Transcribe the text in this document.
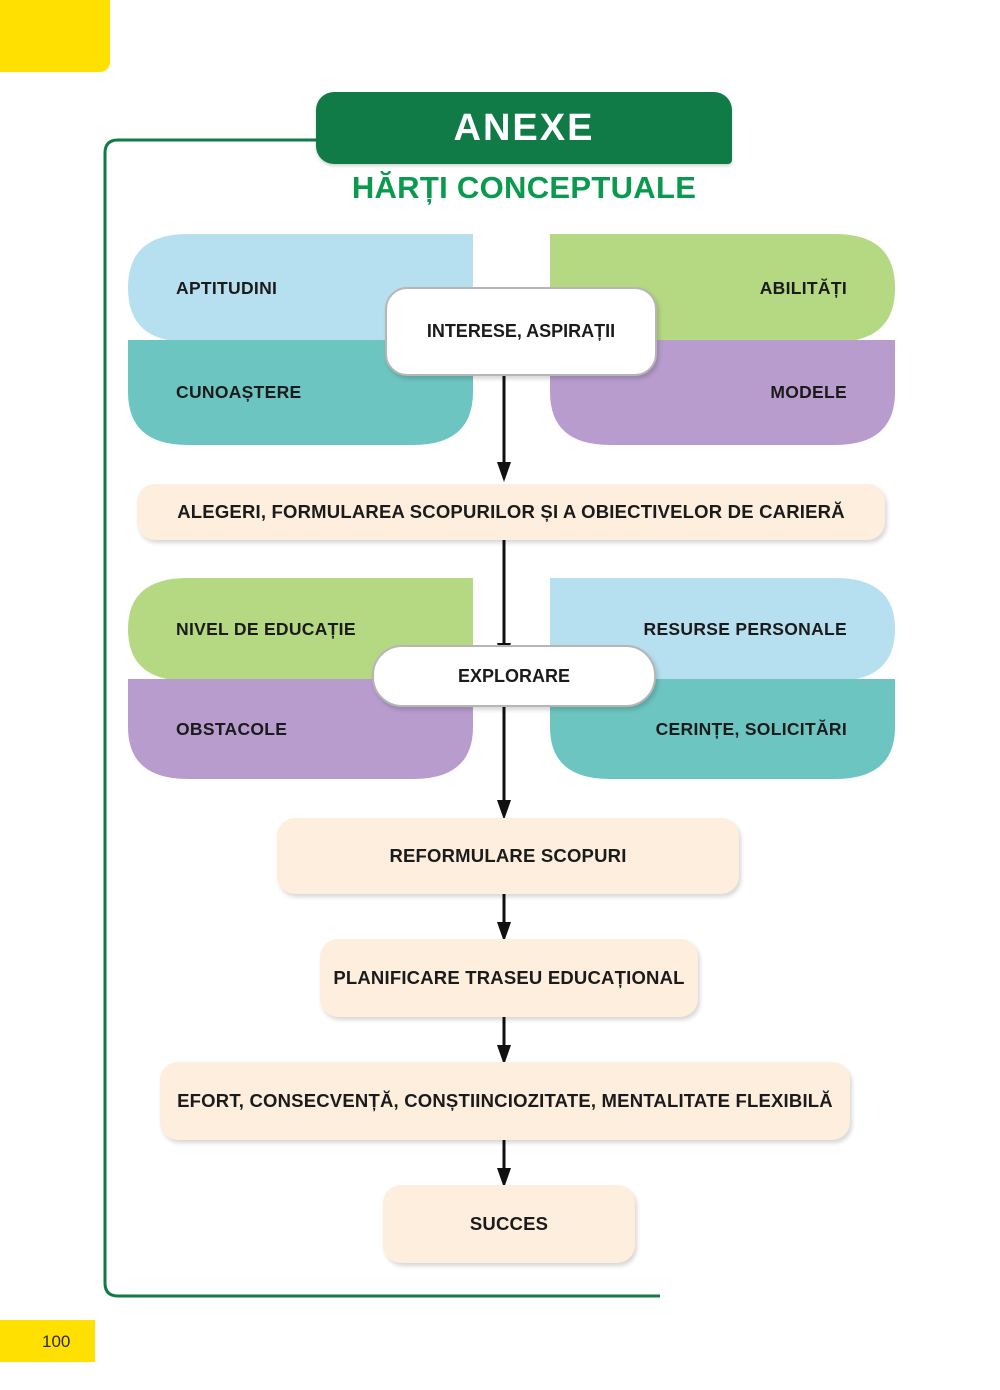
100
ANEXE
HĂRȚI CONCEPTUALE
APTITUDINI	ABILITĂȚI
CUNOAȘTERE	MODELE
INTERESE, ASPIRAȚII
ALEGERI, FORMULAREA SCOPURILOR ȘI A OBIECTIVELOR DE CARIERĂ
NIVEL DE EDUCAȚIE	RESURSE PERSONALE
OBSTACOLE	CERINȚE, SOLICITĂRI
EXPLORARE
REFORMULARE SCOPURI
PLANIFICARE TRASEU EDUCAȚIONAL
EFORT, CONSECVENȚĂ, CONȘTIINCIOZITATE, MENTALITATE FLEXIBILĂ
SUCCES
